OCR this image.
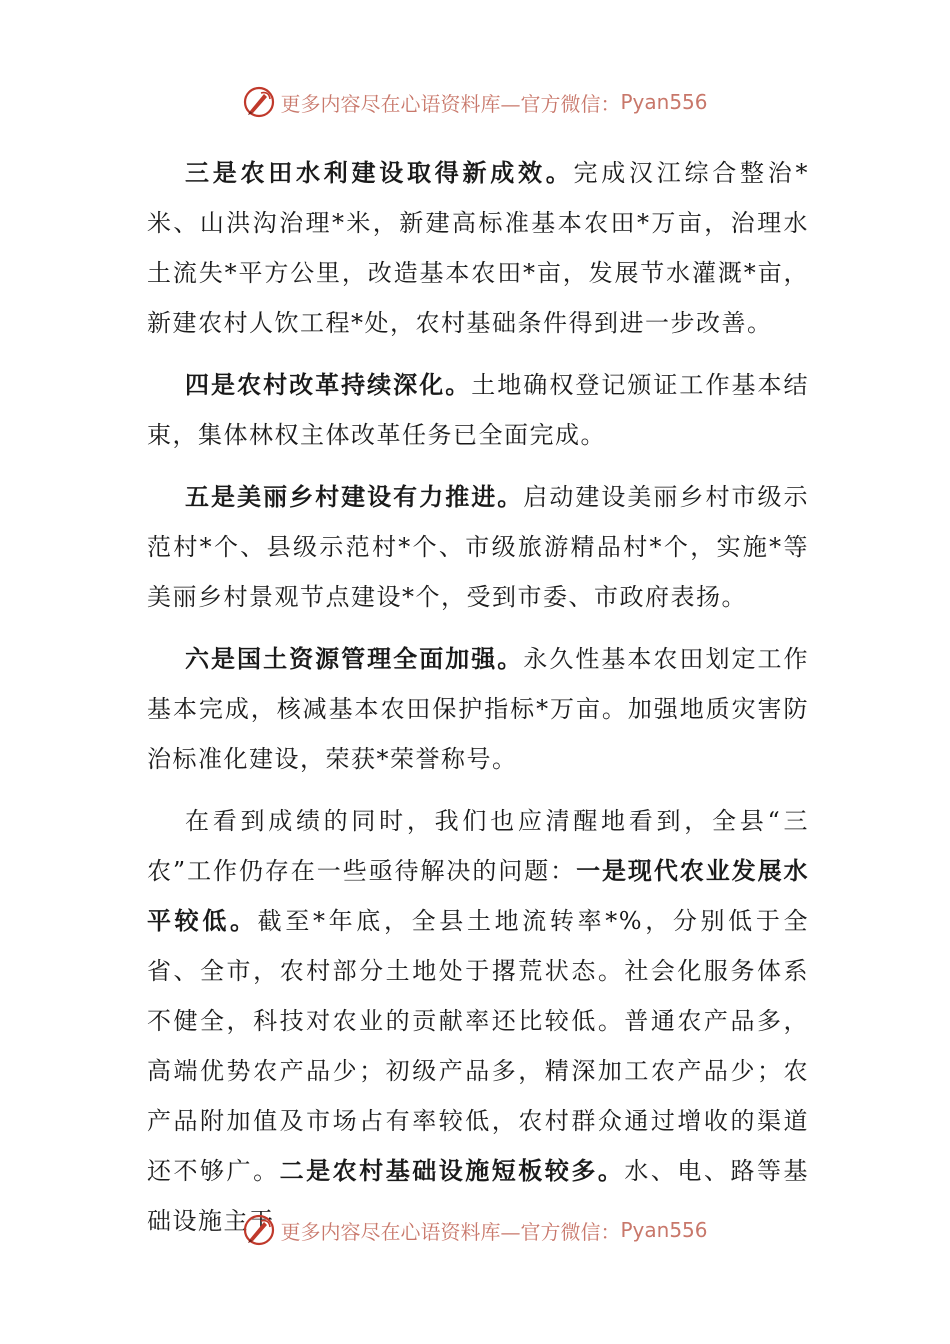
更多内容尽在心语资料库—官方微信： Pyan556

三是农田水利建设取得新成效。完成汉江综合整治*米、山洪沟治理*米，新建高标准基本农田*万亩，治理水土流失*平方公里，改造基本农田*亩，发展节水灌溉*亩，新建农村人饮工程*处，农村基础条件得到进一步改善。

四是农村改革持续深化。土地确权登记颁证工作基本结束，集体林权主体改革任务已全面完成。

五是美丽乡村建设有力推进。启动建设美丽乡村市级示范村*个、县级示范村*个、市级旅游精品村*个，实施*等美丽乡村景观节点建设*个，受到市委、市政府表扬。

六是国土资源管理全面加强。永久性基本农田划定工作基本完成，核减基本农田保护指标*万亩。加强地质灾害防治标准化建设，荣获*荣誉称号。

在看到成绩的同时，我们也应清醒地看到，全县“三农”工作仍存在一些亟待解决的问题：一是现代农业发展水平较低。截至*年底，全县土地流转率*%，分别低于全省、全市，农村部分土地处于撂荒状态。社会化服务体系不健全，科技对农业的贡献率还比较低。普通农产品多，高端优势农产品少；初级产品多，精深加工农产品少；农产品附加值及市场占有率较低，农村群众通过增收的渠道还不够广。二是农村基础设施短板较多。水、电、路等基础设施主干 更多内容尽在心语资料库—官方微信： Pyan556
